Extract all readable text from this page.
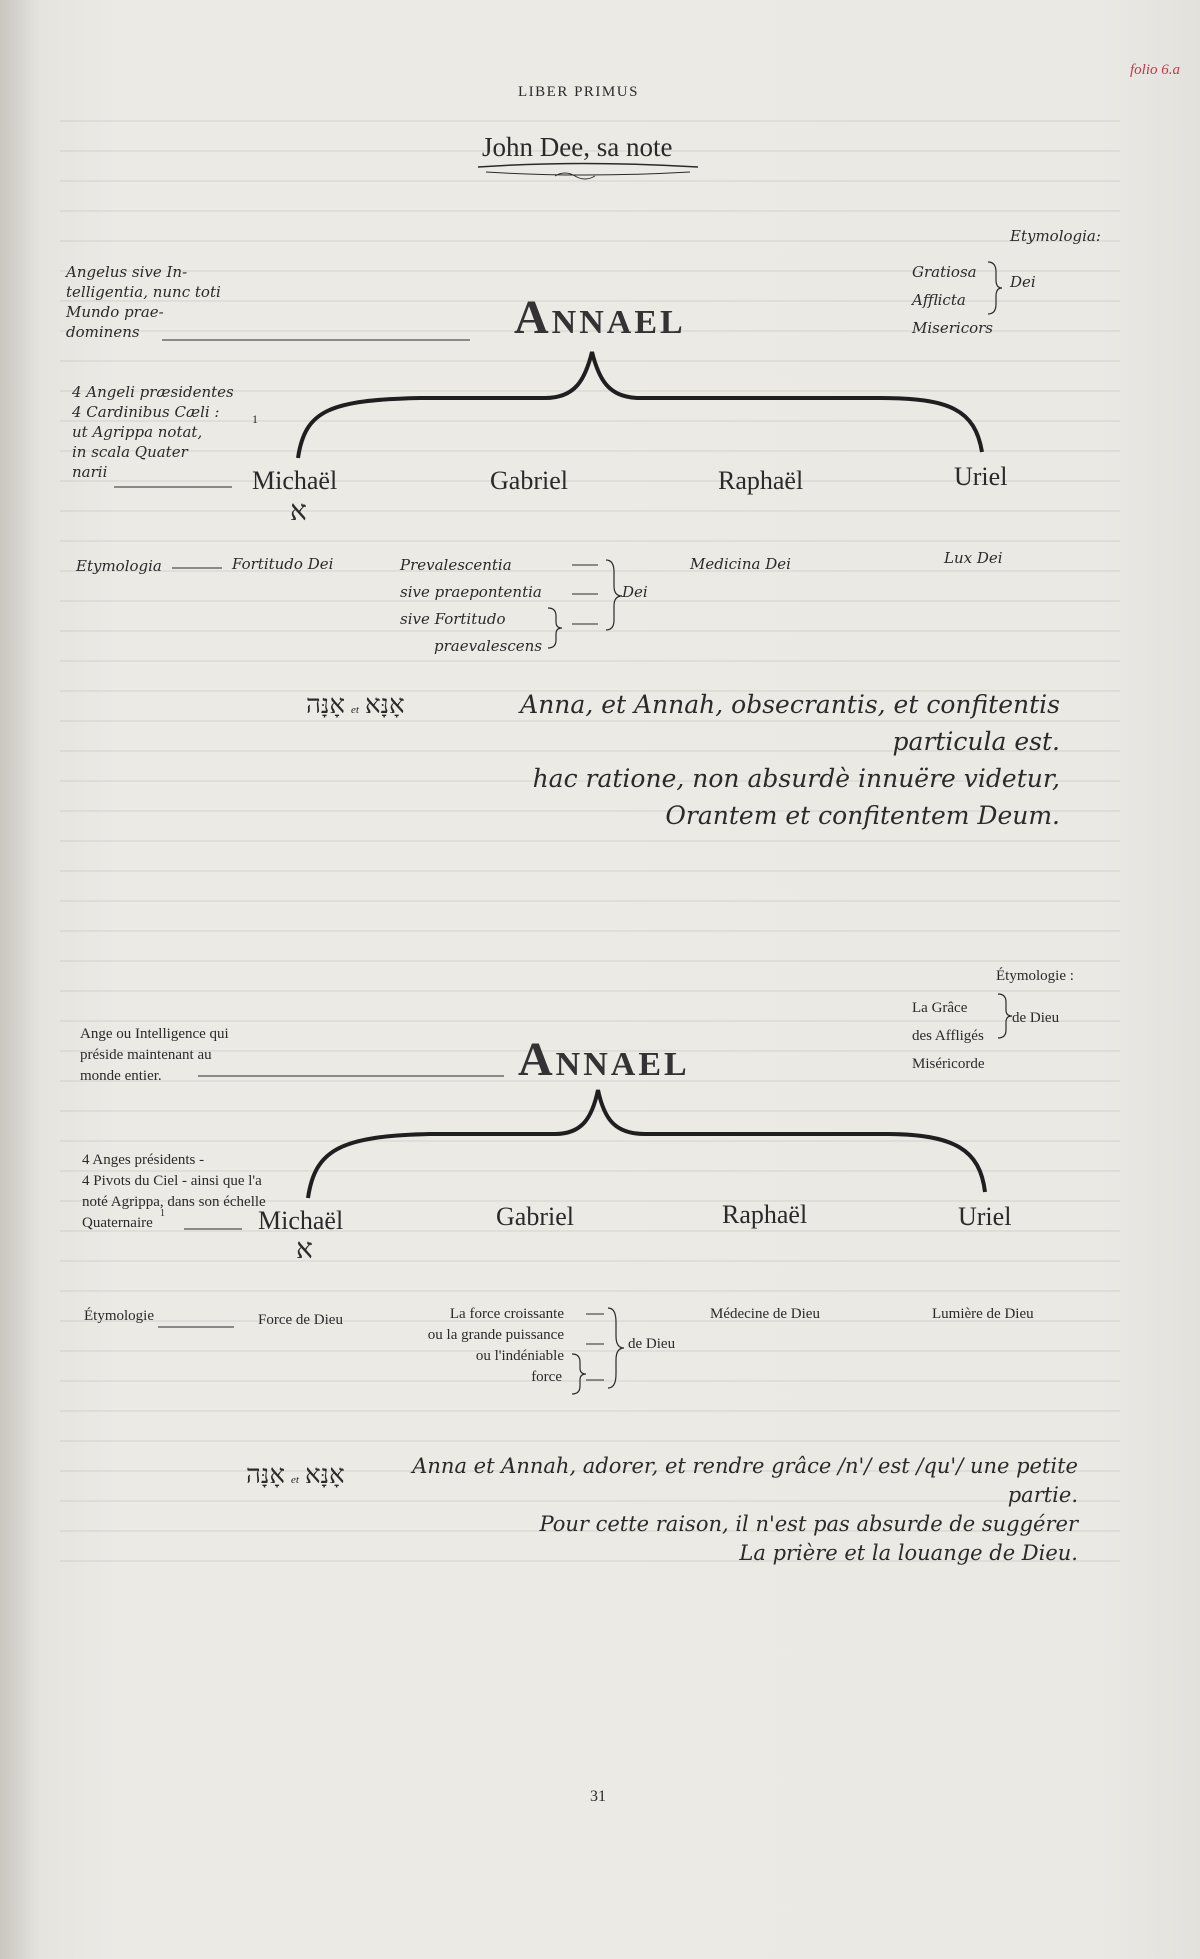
LIBER PRIMUS
folio 6.a
John Dee, sa note
Angelus sive In-
telligentia, nunc toti
Mundo prae-
dominens	Annael
Etymologia:
Gratiosa
Afflicta
Misericors
Dei
4 Angeli præsidentes
4 Cardinibus Cæli :
ut Agrippa notat,
in scala Quater
narii
1
Michaël	Gabriel	Raphaël	Uriel
א
Etymologia	Fortitudo Dei	Prevalescentia
sive praepontentia
sive Fortitudo
praevalescens
Dei
Medicina Dei	Lux Dei
אָנָּה et אָנָּא	Anna, et Annah, obsecrantis, et confitentis particula est.
hac ratione, non absurdè innuëre videtur,
Orantem et confitentem Deum.
Étymologie :
La Grâce
des Affligés
Miséricorde
de Dieu
Ange ou Intelligence qui
préside maintenant au
monde entier.	Annael
4 Anges présidents -
4 Pivots du Ciel - ainsi que l'a
noté Agrippa, dans son échelle
Quaternaire
1	Michaël	Gabriel	Raphaël	Uriel
א
Étymologie	Force de Dieu	La force croissante
ou la grande puissance
ou l'indéniable
force
de Dieu
Médecine de Dieu	Lumière de Dieu
אָנָּה et אָנָּא	Anna et Annah, adorer, et rendre grâce /n'/ est /qu'/ une petite partie.
Pour cette raison, il n'est pas absurde de suggérer
La prière et la louange de Dieu.
31
